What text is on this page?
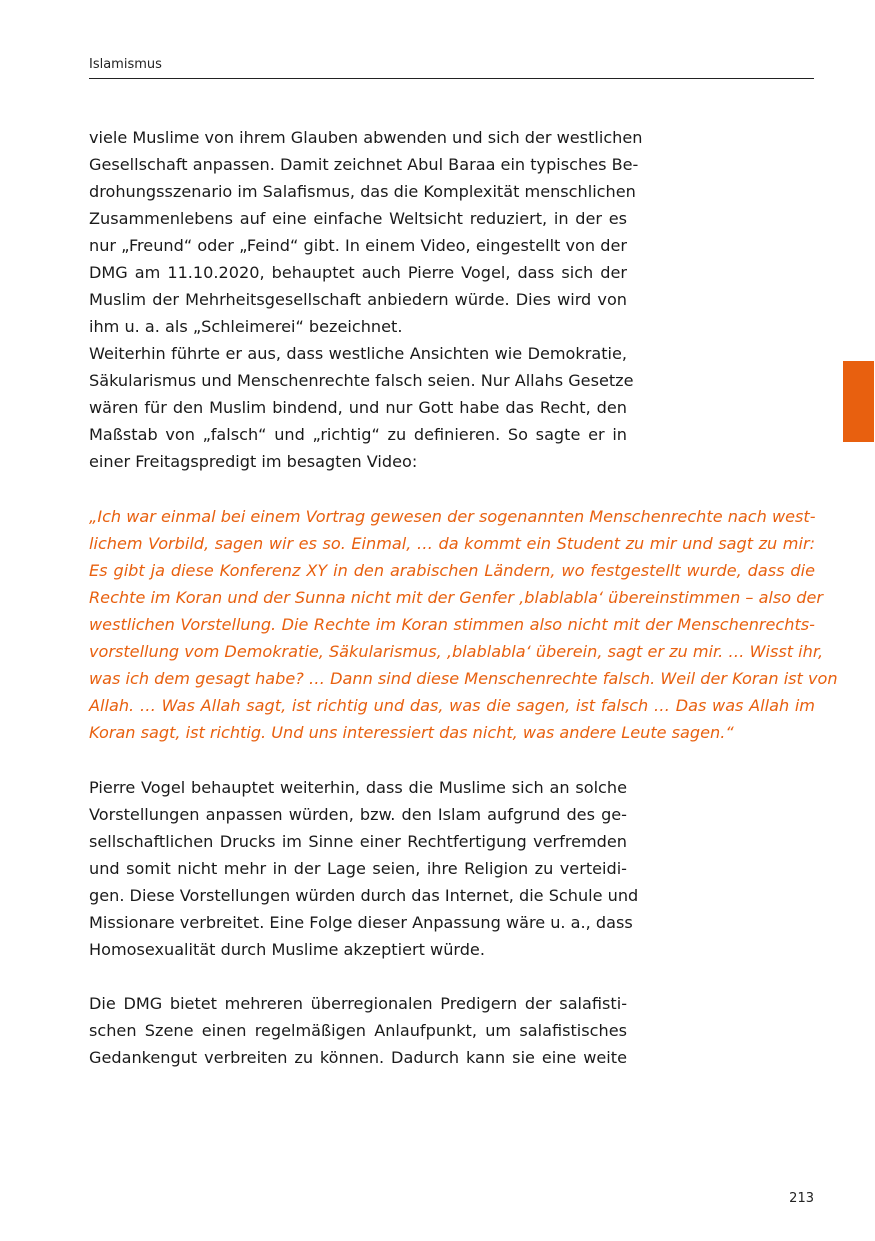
Islamismus

viele Muslime von ihrem Glauben abwenden und sich der westlichen
Gesellschaft anpassen. Damit zeichnet Abul Baraa ein typisches Be-
drohungsszenario im Salafismus, das die Komplexität menschlichen
Zusammenlebens auf eine einfache Weltsicht reduziert, in der es
nur „Freund“ oder „Feind“ gibt. In einem Video, eingestellt von der
DMG am 11.10.2020, behauptet auch Pierre Vogel, dass sich der
Muslim der Mehrheitsgesellschaft anbiedern würde. Dies wird von
ihm u. a. als „Schleimerei“ bezeichnet.

Weiterhin führte er aus, dass westliche Ansichten wie Demokratie,
Säkularismus und Menschenrechte falsch seien. Nur Allahs Gesetze
wären für den Muslim bindend, und nur Gott habe das Recht, den
Maßstab von „falsch“ und „richtig“ zu definieren. So sagte er in
einer Freitagspredigt im besagten Video:

„Ich war einmal bei einem Vortrag gewesen der sogenannten Menschenrechte nach west-
lichem Vorbild, sagen wir es so. Einmal, … da kommt ein Student zu mir und sagt zu mir:
Es gibt ja diese Konferenz XY in den arabischen Ländern, wo festgestellt wurde, dass die
Rechte im Koran und der Sunna nicht mit der Genfer ‚blablabla‘ übereinstimmen – also der
westlichen Vorstellung. Die Rechte im Koran stimmen also nicht mit der Menschenrechts-
vorstellung vom Demokratie, Säkularismus, ‚blablabla‘ überein, sagt er zu mir. … Wisst ihr,
was ich dem gesagt habe? … Dann sind diese Menschenrechte falsch. Weil der Koran ist von
Allah. … Was Allah sagt, ist richtig und das, was die sagen, ist falsch … Das was Allah im
Koran sagt, ist richtig. Und uns interessiert das nicht, was andere Leute sagen.“

Pierre Vogel behauptet weiterhin, dass die Muslime sich an solche
Vorstellungen anpassen würden, bzw. den Islam aufgrund des ge-
sellschaftlichen Drucks im Sinne einer Rechtfertigung verfremden
und somit nicht mehr in der Lage seien, ihre Religion zu verteidi-
gen. Diese Vorstellungen würden durch das Internet, die Schule und
Missionare verbreitet. Eine Folge dieser Anpassung wäre u. a., dass
Homosexualität durch Muslime akzeptiert würde.

Die DMG bietet mehreren überregionalen Predigern der salafisti-
schen Szene einen regelmäßigen Anlaufpunkt, um salafistisches
Gedankengut verbreiten zu können. Dadurch kann sie eine weite

213
